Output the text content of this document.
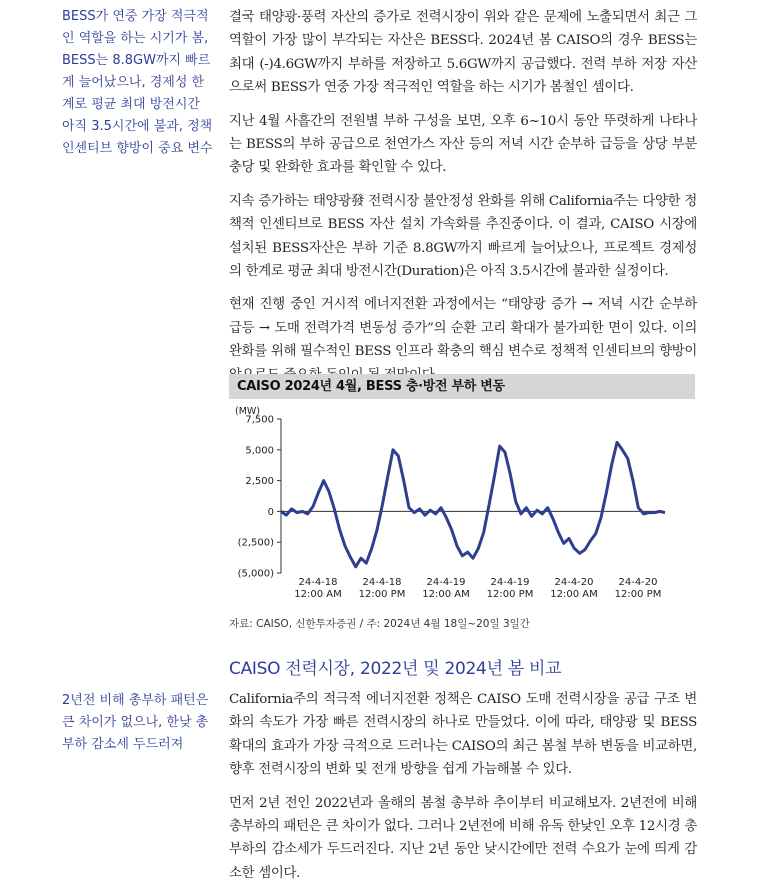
BESS가 연중 가장 적극적인 역할을 하는 시기가 봄, BESS는 8.8GW까지 빠르게 늘어났으나, 경제성 한계로 평균 최대 방전시간 아직 3.5시간에 불과, 정책 인센티브 향방이 중요 변수

결국 태양광·풍력 자산의 증가로 전력시장이 위와 같은 문제에 노출되면서 최근 그 역할이 가장 많이 부각되는 자산은 BESS다. 2024년 봄 CAISO의 경우 BESS는 최대 (-)4.6GW까지 부하를 저장하고 5.6GW까지 공급했다. 전력 부하 저장 자산으로써 BESS가 연중 가장 적극적인 역할을 하는 시기가 봄철인 셈이다.

지난 4월 사흘간의 전원별 부하 구성을 보면, 오후 6~10시 동안 뚜렷하게 나타나는 BESS의 부하 공급으로 천연가스 자산 등의 저녁 시간 순부하 급등을 상당 부분 충당 및 완화한 효과를 확인할 수 있다.

지속 증가하는 태양광發 전력시장 불안정성 완화를 위해 California주는 다양한 정책적 인센티브로 BESS 자산 설치 가속화를 추진중이다. 이 결과, CAISO 시장에 설치된 BESS자산은 부하 기준 8.8GW까지 빠르게 늘어났으나, 프로젝트 경제성의 한계로 평균 최대 방전시간(Duration)은 아직 3.5시간에 불과한 실정이다.

현재 진행 중인 거시적 에너지전환 과정에서는 “태양광 증가 → 저녁 시간 순부하 급등 → 도매 전력가격 변동성 증가”의 순환 고리 확대가 불가피한 면이 있다. 이의 완화를 위해 필수적인 BESS 인프라 확충의 핵심 변수로 정책적 인센티브의 향방이

CAISO 2024년 4월, BESS 충·방전 부하 변동
(MW)
7,500
5,000
2,500
0
(2,500)
(5,000)
24-4-18
12:00 AM
24-4-18
12:00 PM
24-4-19
12:00 AM
24-4-19
12:00 PM
24-4-20
12:00 AM
24-4-20
12:00 PM
자료: CAISO, 신한투자증권 / 주: 2024년 4월 18일~20일 3일간
CAISO 전력시장, 2022년 및 2024년 봄 비교
2년전 비해 총부하 패턴은 큰 차이가 없으나, 한낮 총부하 감소세 두드러져

California주의 적극적 에너지전환 정책은 CAISO 도매 전력시장을 공급 구조 변화의 속도가 가장 빠른 전력시장의 하나로 만들었다. 이에 따라, 태양광 및 BESS 확대의 효과가 가장 극적으로 드러나는 CAISO의 최근 봄철 부하 변동을 비교하면, 향후 전력시장의 변화 및 전개 방향을 쉽게 가늠해볼 수 있다.

먼저 2년 전인 2022년과 올해의 봄철 총부하 추이부터 비교해보자. 2년전에 비해 총부하의 패턴은 큰 차이가 없다. 그러나 2년전에 비해 유독 한낮인 오후 12시경 총부하의 감소세가 두드러진다. 지난 2년 동안 낮시간에만 전력 수요가 눈에 띄게 감소한 셈이다.
